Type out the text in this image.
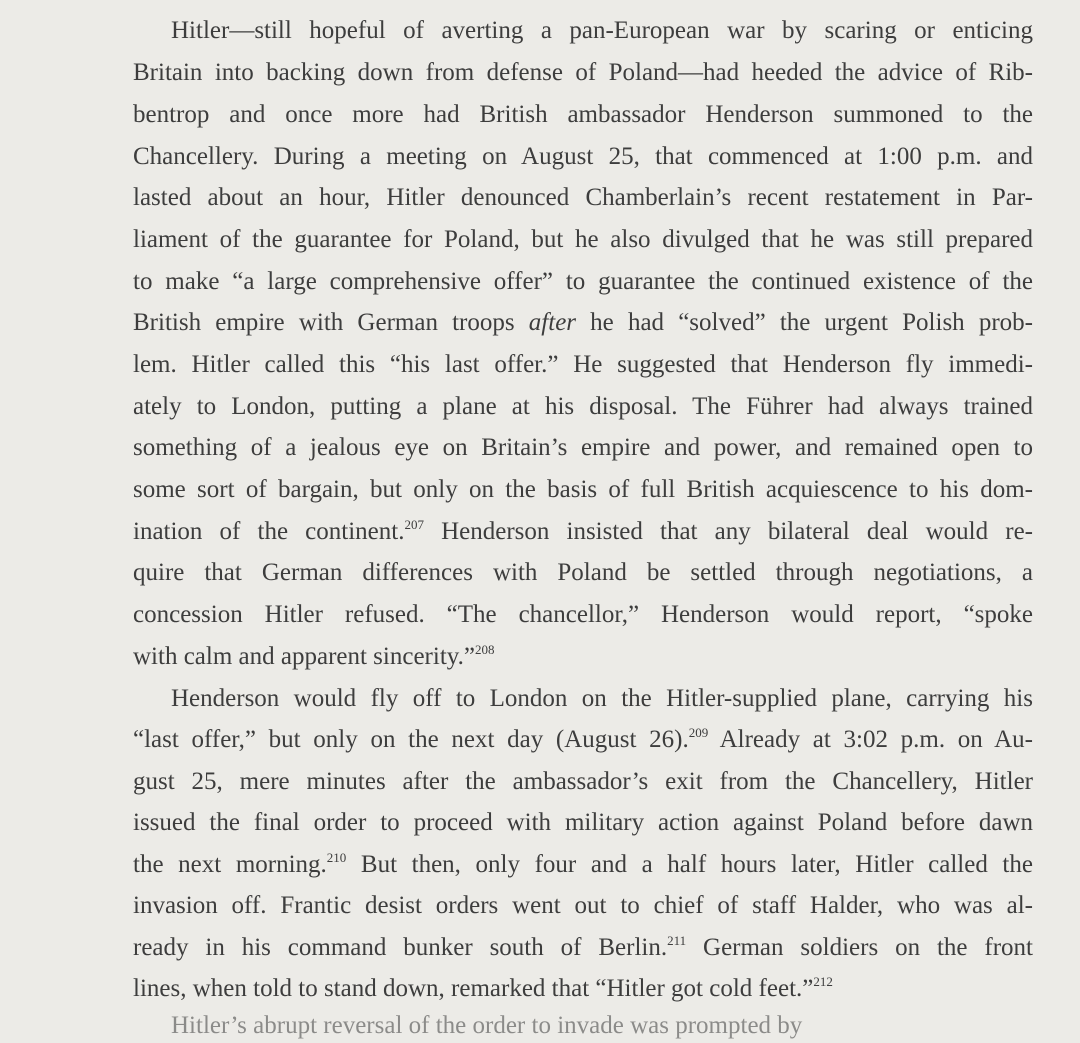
Hitler—still hopeful of averting a pan-European war by scaring or enticing
Britain into backing down from defense of Poland—had heeded the advice of Rib-
bentrop and once more had British ambassador Henderson summoned to the
Chancellery. During a meeting on August 25, that commenced at 1:00 p.m. and
lasted about an hour, Hitler denounced Chamberlain’s recent restatement in Par-
liament of the guarantee for Poland, but he also divulged that he was still prepared
to make “a large comprehensive offer” to guarantee the continued existence of the
British empire with German troops after he had “solved” the urgent Polish prob-
lem. Hitler called this “his last offer.” He suggested that Henderson fly immedi-
ately to London, putting a plane at his disposal. The Führer had always trained
something of a jealous eye on Britain’s empire and power, and remained open to
some sort of bargain, but only on the basis of full British acquiescence to his dom-
ination of the continent.$^{207}$ Henderson insisted that any bilateral deal would re-
quire that German differences with Poland be settled through negotiations, a
concession Hitler refused. “The chancellor,” Henderson would report, “spoke
with calm and apparent sincerity.”$^{208}$
Henderson would fly off to London on the Hitler-supplied plane, carrying his
“last offer,” but only on the next day (August 26).$^{209}$ Already at 3:02 p.m. on Au-
gust 25, mere minutes after the ambassador’s exit from the Chancellery, Hitler
issued the final order to proceed with military action against Poland before dawn
the next morning.$^{210}$ But then, only four and a half hours later, Hitler called the
invasion off. Frantic desist orders went out to chief of staff Halder, who was al-
ready in his command bunker south of Berlin.$^{211}$ German soldiers on the front
lines, when told to stand down, remarked that “Hitler got cold feet.”$^{212}$
Hitler’s abrupt reversal of the order to invade was prompted by
